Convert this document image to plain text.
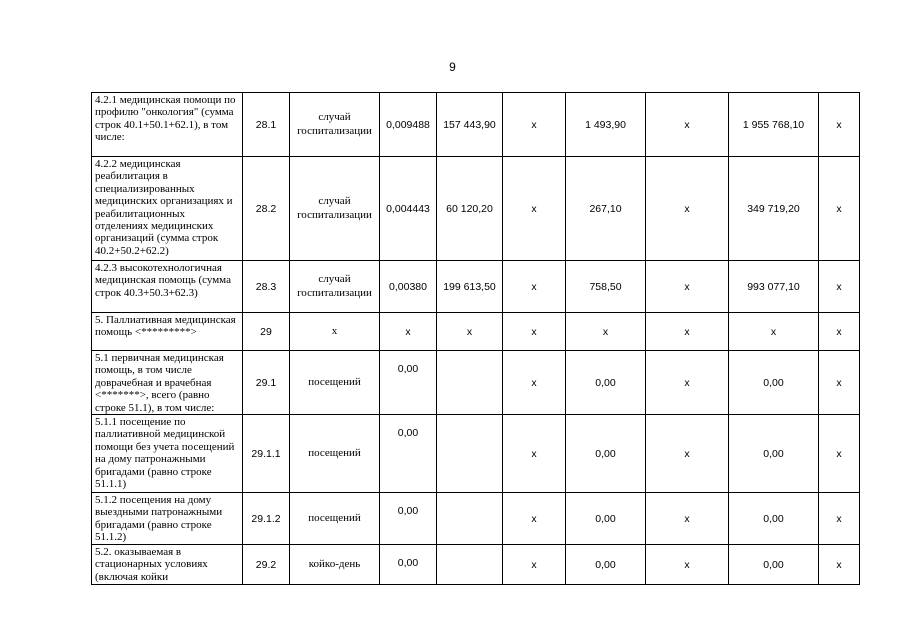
9
4.2.1 медицинская помощи по профилю "онкология" (сумма строк 40.1+50.1+62.1), в том числе:	28.1	случай госпитализации	0,009488	157 443,90	х	1 493,90	х	1 955 768,10	х
4.2.2 медицинская реабилитация в специализированных медицинских организациях и реабилитационных отделениях медицинских организаций (сумма строк 40.2+50.2+62.2)	28.2	случай госпитализации	0,004443	60 120,20	х	267,10	х	349 719,20	х
4.2.3 высокотехнологичная медицинская помощь (сумма строк 40.3+50.3+62.3)	28.3	случай госпитализации	0,00380	199 613,50	х	758,50	х	993 077,10	х
5. Паллиативная медицинская помощь <*********>	29	х	х	х	х	х	х	х	х
5.1 первичная медицинская помощь, в том числе доврачебная и врачебная <*******>, всего (равно строке 51.1), в том числе:	29.1	посещений	0,00		х	0,00	х	0,00	х
5.1.1 посещение по паллиативной медицинской помощи без учета посещений на дому патронажными бригадами (равно строке 51.1.1)	29.1.1	посещений	0,00		х	0,00	х	0,00	х
5.1.2 посещения на дому выездными патронажными бригадами (равно строке 51.1.2)	29.1.2	посещений	0,00		х	0,00	х	0,00	х
5.2. оказываемая в стационарных условиях (включая койки	29.2	койко-день	0,00		х	0,00	х	0,00	х
